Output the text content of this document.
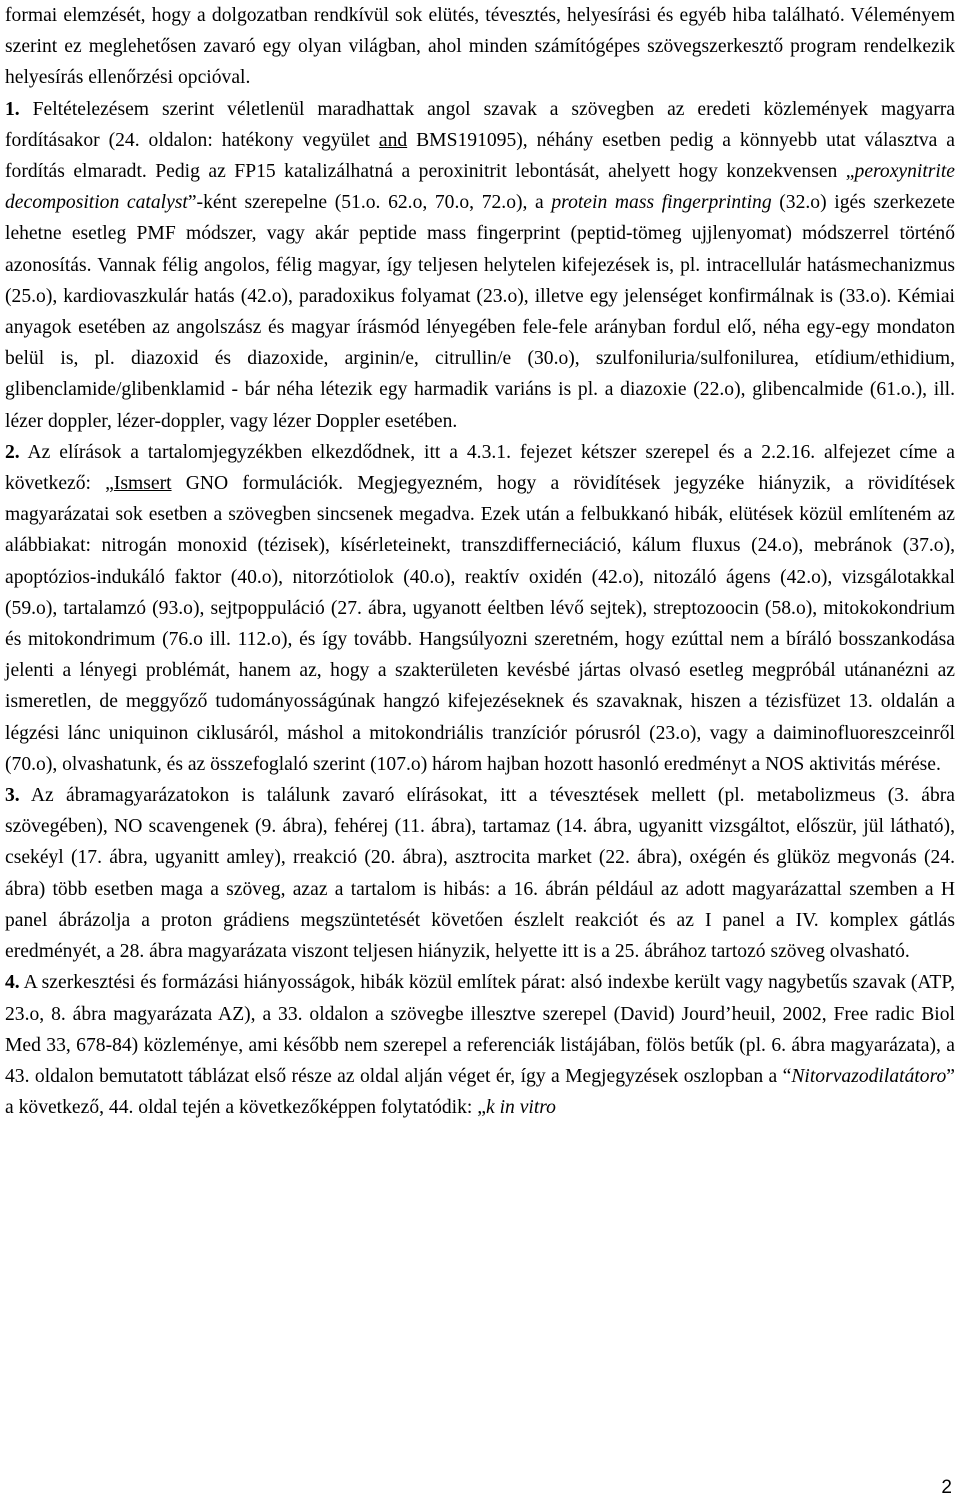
formai elemzését, hogy a dolgozatban rendkívül sok elütés, tévesztés, helyesírási és egyéb hiba található. Véleményem szerint ez meglehetősen zavaró egy olyan világban, ahol minden számítógépes szövegszerkesztő program rendelkezik helyesírás ellenőrzési opcióval.

1. Feltételezésem szerint véletlenül maradhattak angol szavak a szövegben az eredeti közlemények magyarra fordításakor (24. oldalon: hatékony vegyület and BMS191095), néhány esetben pedig a könnyebb utat választva a fordítás elmaradt. Pedig az FP15 katalizálhatná a peroxinitrit lebontását, ahelyett hogy konzekvensen „peroxynitrite decomposition catalyst”-ként szerepelne (51.o. 62.o, 70.o, 72.o), a protein mass fingerprinting (32.o) igés szerkezete lehetne esetleg PMF módszer, vagy akár peptide mass fingerprint (peptid-tömeg ujjlenyomat) módszerrel történő azonosítás. Vannak félig angolos, félig magyar, így teljesen helytelen kifejezések is, pl. intracellulár hatásmechanizmus (25.o), kardiovaszkulár hatás (42.o), paradoxikus folyamat (23.o), illetve egy jelenséget konfirmálnak is (33.o). Kémiai anyagok esetében az angolszász és magyar írásmód lényegében fele-fele arányban fordul elő, néha egy-egy mondaton belül is, pl. diazoxid és diazoxide, arginin/e, citrullin/e (30.o), szulfoniluria/sulfonilurea, etídium/ethidium, glibenclamide/glibenklamid - bár néha létezik egy harmadik variáns is pl. a diazoxie (22.o), glibencalmide (61.o.), ill. lézer doppler, lézer-doppler, vagy lézer Doppler esetében.

2. Az elírások a tartalomjegyzékben elkezdődnek, itt a 4.3.1. fejezet kétszer szerepel és a 2.2.16. alfejezet címe a következő: „Ismsert GNO formulációk. Megjegyezném, hogy a rövidítések jegyzéke hiányzik, a rövidítések magyarázatai sok esetben a szövegben sincsenek megadva. Ezek után a felbukkanó hibák, elütések közül említeném az alábbiakat: nitrogán monoxid (tézisek), kísérleteinekt, transzdifferneciáció, kálum fluxus (24.o), mebránok (37.o), apoptózios-indukáló faktor (40.o), nitorzótiolok (40.o), reaktív oxidén (42.o), nitozáló ágens (42.o), vizsgálotakkal (59.o), tartalamzó (93.o), sejtpoppuláció (27. ábra, ugyanott éeltben lévő sejtek), streptozoocin (58.o), mitokokondrium és mitokondrimum (76.o ill. 112.o), és így tovább. Hangsúlyozni szeretném, hogy ezúttal nem a bíráló bosszankodása jelenti a lényegi problémát, hanem az, hogy a szakterületen kevésbé jártas olvasó esetleg megpróbál utánanézni az ismeretlen, de meggyőző tudományosságúnak hangzó kifejezéseknek és szavaknak, hiszen a tézisfüzet 13. oldalán a légzési lánc uniquinon ciklusáról, máshol a mitokondriális tranzíciór pórusról (23.o), vagy a daiminofluoreszceinről (70.o), olvashatunk, és az összefoglaló szerint (107.o) három hajban hozott hasonló eredményt a NOS aktivitás mérése.

3. Az ábramagyarázatokon is találunk zavaró elírásokat, itt a tévesztések mellett (pl. metabolizmeus (3. ábra szövegében), NO scavengenek (9. ábra), fehérej (11. ábra), tartamaz (14. ábra, ugyanitt vizsgáltot, előszür, jül látható), csekéyl (17. ábra, ugyanitt amley), rreakció (20. ábra), asztrocita market (22. ábra), oxégén és glüköz megvonás (24. ábra) több esetben maga a szöveg, azaz a tartalom is hibás: a 16. ábrán például az adott magyarázattal szemben a H panel ábrázolja a proton grádiens megszüntetését követően észlelt reakciót és az I panel a IV. komplex gátlás eredményét, a 28. ábra magyarázata viszont teljesen hiányzik, helyette itt is a 25. ábrához tartozó szöveg olvasható.

4. A szerkesztési és formázási hiányosságok, hibák közül említek párat: alsó indexbe került vagy nagybetűs szavak (ATP, 23.o, 8. ábra magyarázata AZ), a 33. oldalon a szövegbe illesztve szerepel (David) Jourd’heuil, 2002, Free radic Biol Med 33, 678-84) közleménye, ami később nem szerepel a referenciák listájában, fölös betűk (pl. 6. ábra magyarázata), a 43. oldalon bemutatott táblázat első része az oldal alján véget ér, így a Megjegyzések oszlopban a “Nitorvazodilatátoro” a következő, 44. oldal tején a következőképpen folytatódik: „k in vitro

2
